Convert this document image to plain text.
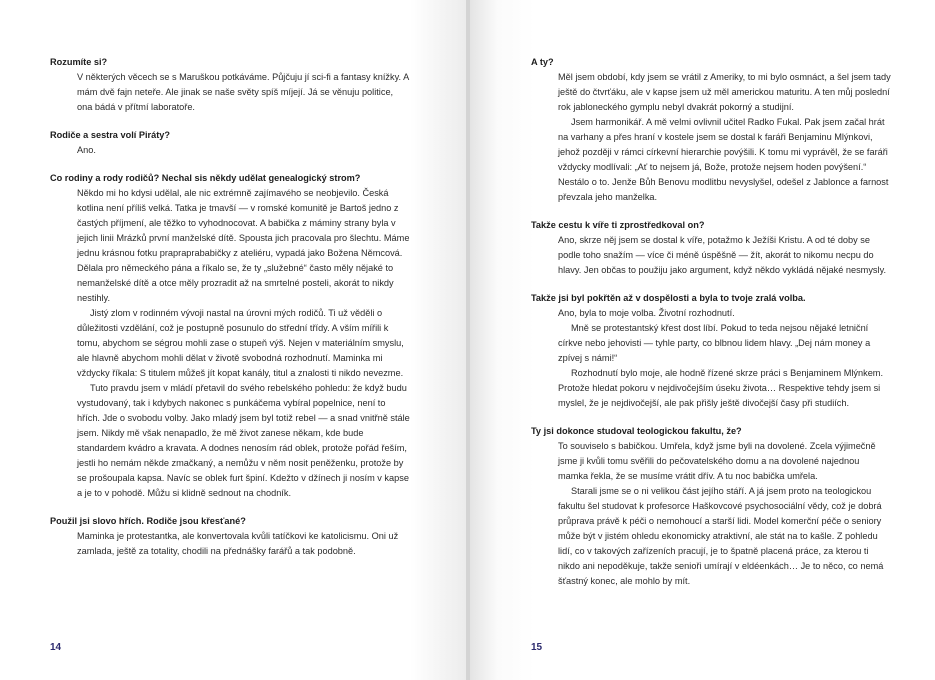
Rozumíte si?

V některých věcech se s Maruškou potkáváme. Půjčuju jí sci-fi a fantasy knížky. A mám dvě fajn neteře. Ale jinak se naše světy spíš míjejí. Já se věnuju politice, ona bádá v přítmí laboratoře.

Rodiče a sestra volí Piráty?

Ano.

Co rodiny a rody rodičů? Nechal sis někdy udělat genealogický strom?

Někdo mi ho kdysi udělal, ale nic extrémně zajímavého se neobjevilo. Česká kotlina není příliš velká. Tatka je tmavší — v romské komunitě je Bartoš jedno z častých příjmení, ale těžko to vyhodnocovat. A babička z máminy strany byla v jejich linii Mrázků první manželské dítě. Spousta jich pracovala pro šlechtu. Máme jednu krásnou fotku prapraprababičky z ateliéru, vypadá jako Božena Němcová. Dělala pro německého pána a říkalo se, že ty „služebné“ často měly nějaké to nemanželské dítě a otce měly prozradit až na smrtelné posteli, akorát to nikdy nestihly.

Jistý zlom v rodinném vývoji nastal na úrovni mých rodičů. Ti už věděli o důležitosti vzdělání, což je postupně posunulo do střední třídy. A vším mířili k tomu, abychom se ségrou mohli zase o stupeň výš. Nejen v materiálním smyslu, ale hlavně abychom mohli dělat v životě svobodná rozhodnutí. Maminka mi vždycky říkala: S titulem můžeš jít kopat kanály, titul a znalosti ti nikdo nevezme.

Tuto pravdu jsem v mládí přetavil do svého rebelského pohledu: že když budu vystudovaný, tak i kdybych nakonec s punkáčema vybíral popelnice, není to hřích. Jde o svobodu volby. Jako mladý jsem byl totiž rebel — a snad vnitřně stále jsem. Nikdy mě však nenapadlo, že mě život zanese někam, kde bude standardem kvádro a kravata. A dodnes nenosím rád oblek, protože pořád řeším, jestli ho nemám někde zmačkaný, a nemůžu v něm nosit peněženku, protože by se prošoupala kapsa. Navíc se oblek furt špiní. Kdežto v džínech ji nosím v kapse a je to v pohodě. Můžu si klidně sednout na chodník.

Použil jsi slovo hřích. Rodiče jsou křesťané?

Maminka je protestantka, ale konvertovala kvůli tatíčkovi ke katolicismu. Oni už zamlada, ještě za totality, chodili na přednášky farářů a tak podobně.

14
A ty?

Měl jsem období, kdy jsem se vrátil z Ameriky, to mi bylo osmnáct, a šel jsem tady ještě do čtvrťáku, ale v kapse jsem už měl americkou maturitu. A ten můj poslední rok jabloneckého gymplu nebyl dvakrát pokorný a studijní.

Jsem harmonikář. A mě velmi ovlivnil učitel Radko Fukal. Pak jsem začal hrát na varhany a přes hraní v kostele jsem se dostal k faráři Benjaminu Mlýnkovi, jehož později v rámci církevní hierarchie povýšili. K tomu mi vyprávěl, že se faráři vždycky modlívali: „Ať to nejsem já, Bože, protože nejsem hoden povýšení.“ Nestálo o to. Jenže Bůh Benovu modlitbu nevyslyšel, odešel z Jablonce a farnost převzala jeho manželka.

Takže cestu k víře ti zprostředkoval on?

Ano, skrze něj jsem se dostal k víře, potažmo k Ježíši Kristu. A od té doby se podle toho snažím — více či méně úspěšně — žít, akorát to nikomu necpu do hlavy. Jen občas to použiju jako argument, když někdo vykládá nějaké nesmysly.

Takže jsi byl pokřtěn až v dospělosti a byla to tvoje zralá volba.

Ano, byla to moje volba. Životní rozhodnutí.

Mně se protestantský křest dost líbí. Pokud to teda nejsou nějaké letniční církve nebo jehovisti — tyhle party, co blbnou lidem hlavy. „Dej nám money a zpívej s námi!“

Rozhodnutí bylo moje, ale hodně řízené skrze práci s Benjaminem Mlýnkem. Protože hledat pokoru v nejdivočejším úseku života… Respektive tehdy jsem si myslel, že je nejdivočejší, ale pak přišly ještě divočejší časy při studiích.

Ty jsi dokonce studoval teologickou fakultu, že?

To souviselo s babičkou. Umřela, když jsme byli na dovolené. Zcela výjimečně jsme ji kvůli tomu svěřili do pečovatelského domu a na dovolené najednou mamka řekla, že se musíme vrátit dřív. A tu noc babička umřela.

Starali jsme se o ni velikou část jejího stáří. A já jsem proto na teologickou fakultu šel studovat k profesorce Haškovcové psychosociální vědy, což je dobrá průprava právě k péči o nemohoucí a starší lidi. Model komerční péče o seniory může být v jistém ohledu ekonomicky atraktivní, ale stát na to kašle. Z pohledu lidí, co v takových zařízeních pracují, je to špatně placená práce, za kterou ti nikdo ani nepoděkuje, takže senioři umírají v eldéenkách… Je to něco, co nemá šťastný konec, ale mohlo by mít.

15
